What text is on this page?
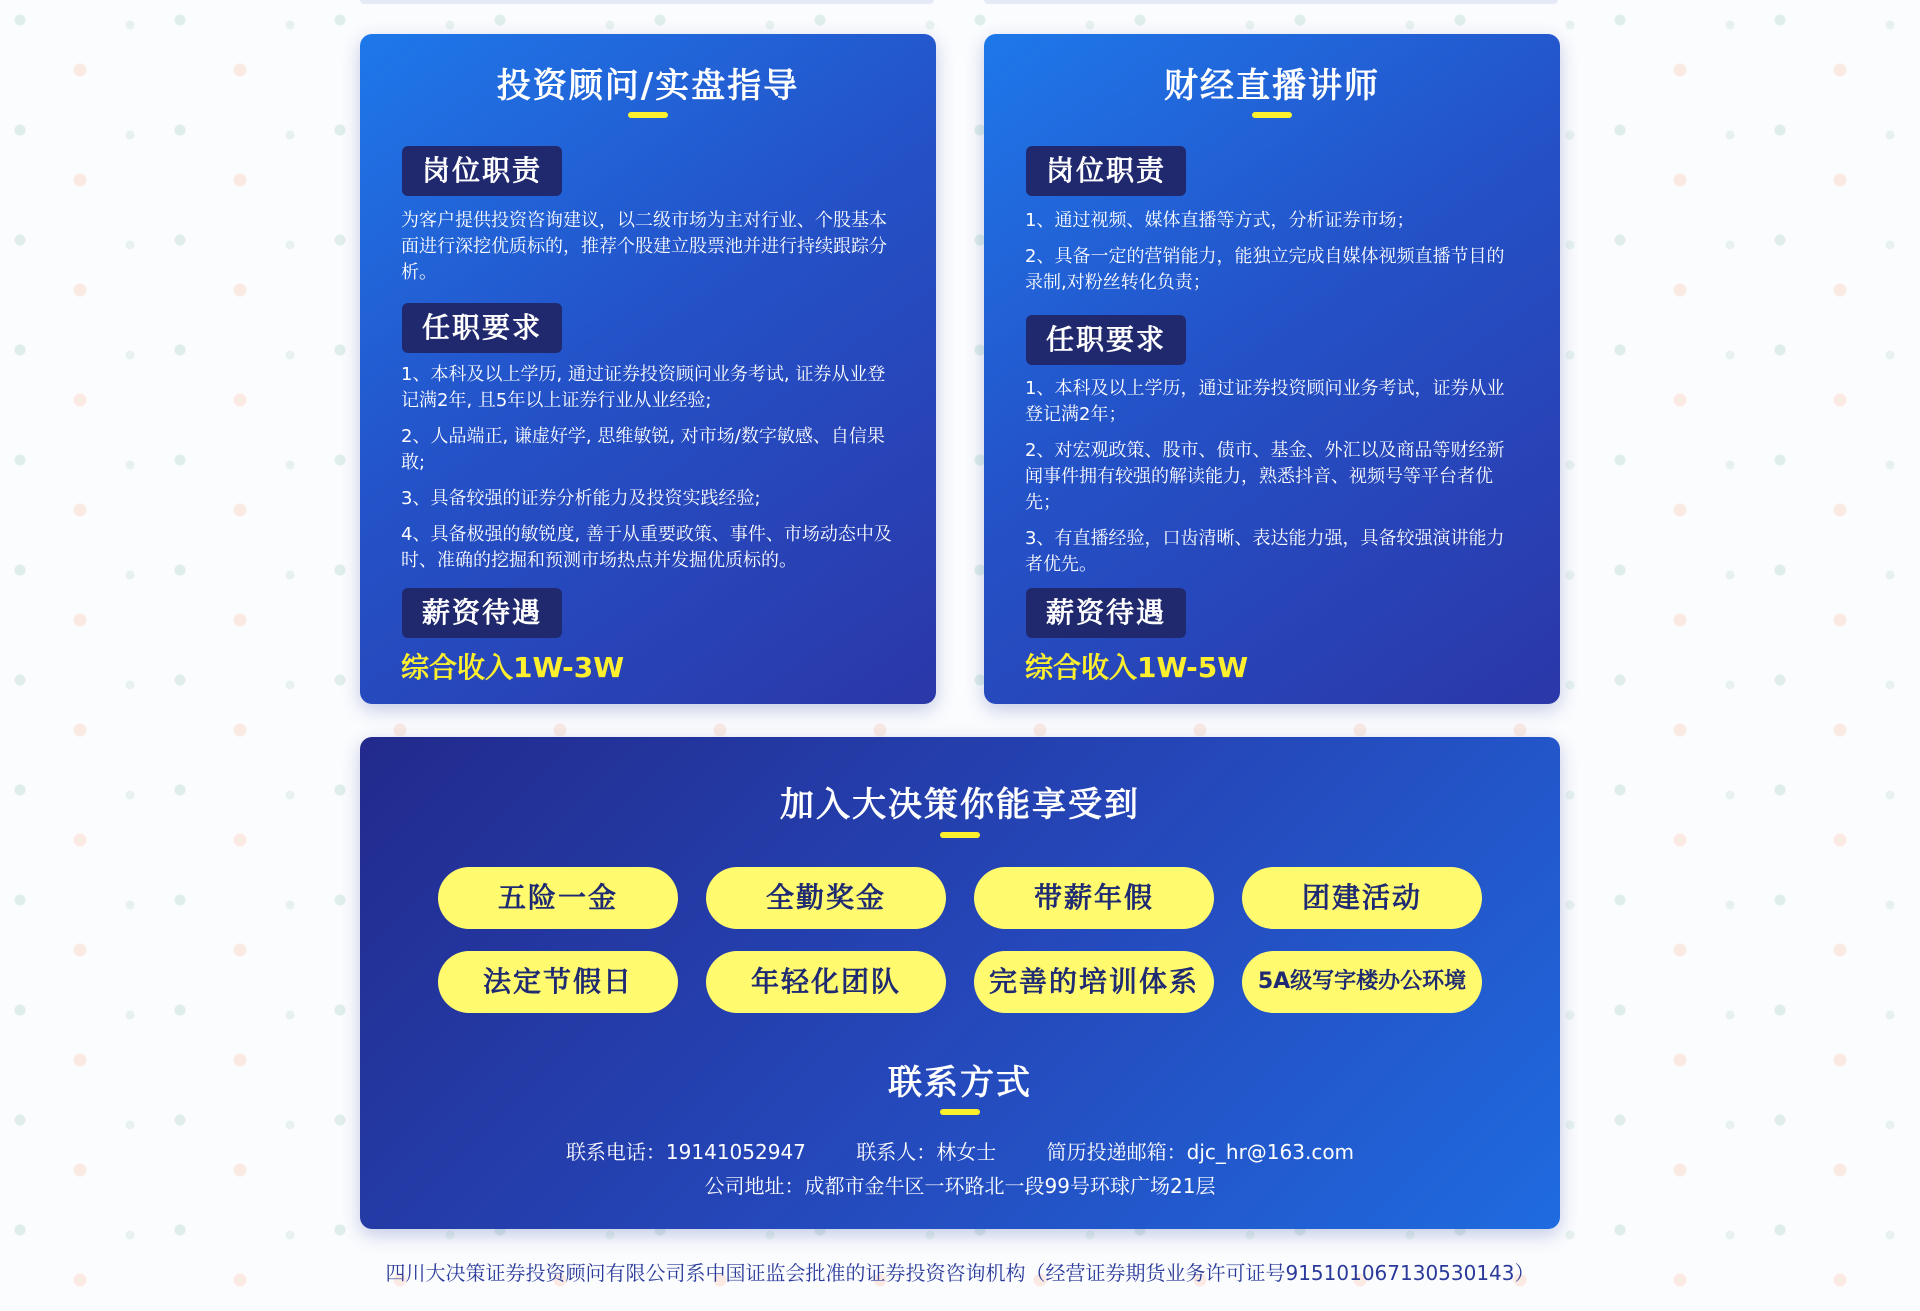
投资顾问/实盘指导
岗位职责
为客户提供投资咨询建议，以二级市场为主对行业、个股基本面进行深挖优质标的，推荐个股建立股票池并进行持续跟踪分析。
任职要求
1、本科及以上学历, 通过证券投资顾问业务考试, 证券从业登记满2年, 且5年以上证券行业从业经验;
2、人品端正, 谦虚好学, 思维敏锐, 对市场/数字敏感、自信果敢;
3、具备较强的证券分析能力及投资实践经验;
4、具备极强的敏锐度, 善于从重要政策、事件、市场动态中及时、准确的挖掘和预测市场热点并发掘优质标的。
薪资待遇
综合收入1W-3W
财经直播讲师
岗位职责
1、通过视频、媒体直播等方式，分析证券市场；
2、具备一定的营销能力，能独立完成自媒体视频直播节目的录制,对粉丝转化负责；
任职要求
1、本科及以上学历，通过证券投资顾问业务考试，证券从业登记满2年；
2、对宏观政策、股市、债市、基金、外汇以及商品等财经新闻事件拥有较强的解读能力，熟悉抖音、视频号等平台者优先；
3、有直播经验，口齿清晰、表达能力强，具备较强演讲能力者优先。
薪资待遇
综合收入1W-5W
加入大决策你能享受到
五险一金	全勤奖金	带薪年假	团建活动
法定节假日	年轻化团队	完善的培训体系	5A级写字楼办公环境
联系方式
联系电话：19141052947	联系人：林女士	简历投递邮箱：djc_hr@163.com
公司地址：成都市金牛区一环路北一段99号环球广场21层
四川大决策证券投资顾问有限公司系中国证监会批准的证券投资咨询机构（经营证券期货业务许可证号915101067130530143）
